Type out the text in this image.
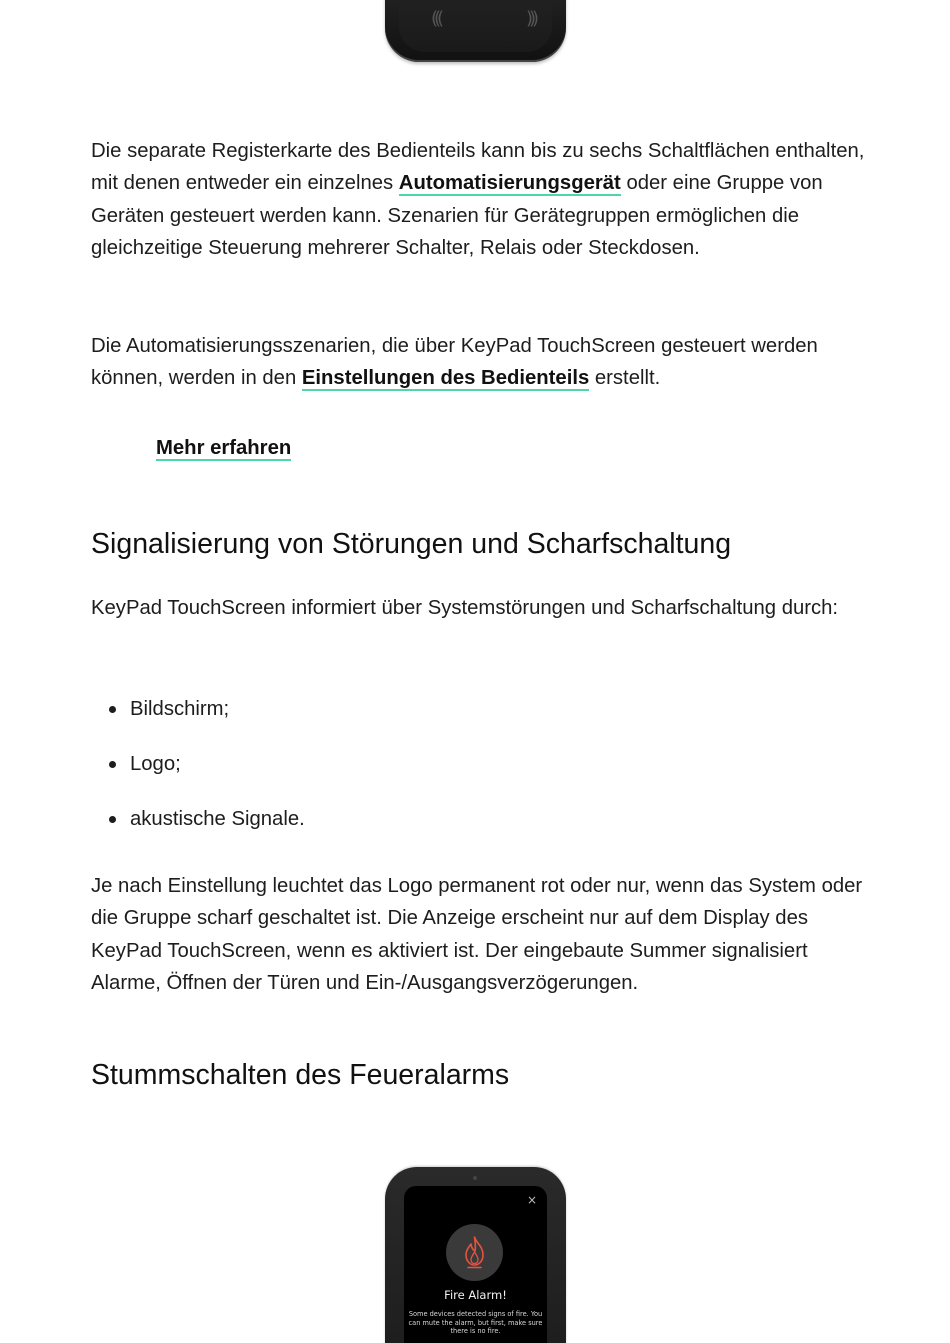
(((	)))

Die separate Registerkarte des Bedienteils kann bis zu sechs Schaltflächen enthalten, mit denen entweder ein einzelnes Automatisierungsgerät oder eine Gruppe von Geräten gesteuert werden kann. Szenarien für Gerätegruppen ermöglichen die gleichzeitige Steuerung mehrerer Schalter, Relais oder Steckdosen.

Die Automatisierungsszenarien, die über KeyPad TouchScreen gesteuert werden können, werden in den Einstellungen des Bedienteils erstellt.

Mehr erfahren
Signalisierung von Störungen und Scharfschaltung

KeyPad TouchScreen informiert über Systemstörungen und Scharfschaltung durch:

Bildschirm;
Logo;
akustische Signale.

Je nach Einstellung leuchtet das Logo permanent rot oder nur, wenn das System oder die Gruppe scharf geschaltet ist. Die Anzeige erscheint nur auf dem Display des KeyPad TouchScreen, wenn es aktiviert ist. Der eingebaute Summer signalisiert Alarme, Öffnen der Türen und Ein-/Ausgangsverzögerungen.

Stummschalten des Feueralarms
×
Fire Alarm!
Some devices detected signs of fire. You can mute the alarm, but first, make sure there is no fire.
